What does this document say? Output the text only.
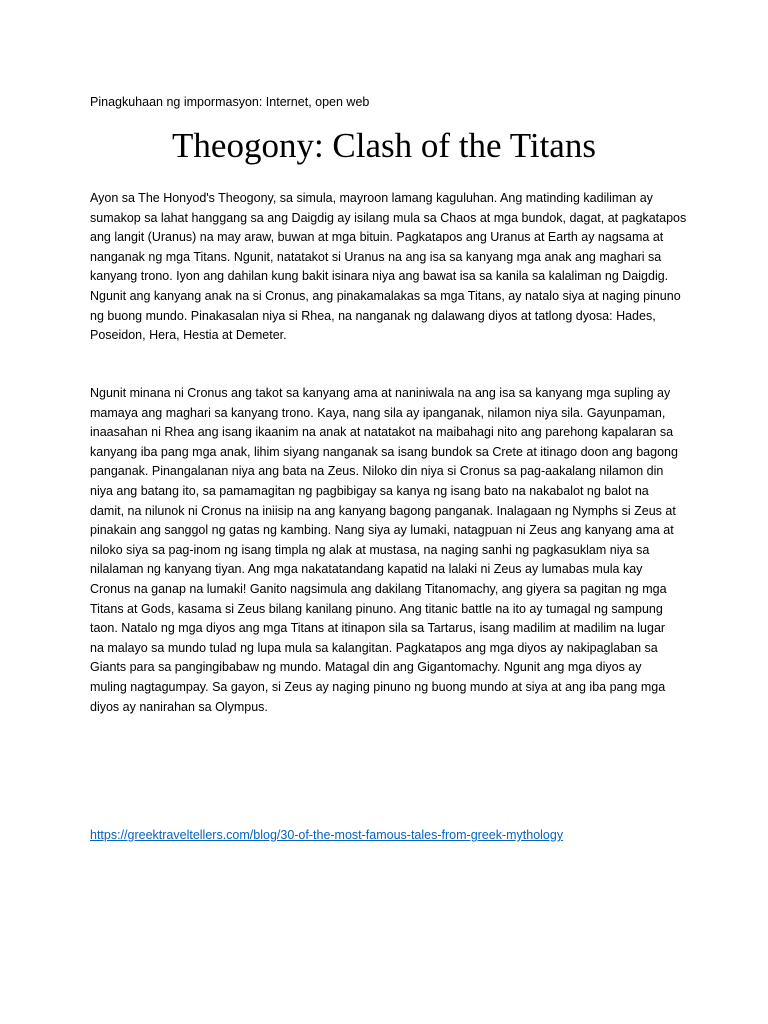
Pinagkuhaan ng impormasyon: Internet, open web
Theogony: Clash of the Titans

Ayon sa The Honyod's Theogony, sa simula, mayroon lamang kaguluhan. Ang matinding kadiliman ay
sumakop sa lahat hanggang sa ang Daigdig ay isilang mula sa Chaos at mga bundok, dagat, at pagkatapos
ang langit (Uranus) na may araw, buwan at mga bituin. Pagkatapos ang Uranus at Earth ay nagsama at
nanganak ng mga Titans. Ngunit, natatakot si Uranus na ang isa sa kanyang mga anak ang maghari sa
kanyang trono. Iyon ang dahilan kung bakit isinara niya ang bawat isa sa kanila sa kalaliman ng Daigdig.
Ngunit ang kanyang anak na si Cronus, ang pinakamalakas sa mga Titans, ay natalo siya at naging pinuno
ng buong mundo. Pinakasalan niya si Rhea, na nanganak ng dalawang diyos at tatlong dyosa: Hades,
Poseidon, Hera, Hestia at Demeter.

Ngunit minana ni Cronus ang takot sa kanyang ama at naniniwala na ang isa sa kanyang mga supling ay
mamaya ang maghari sa kanyang trono. Kaya, nang sila ay ipanganak, nilamon niya sila. Gayunpaman,
inaasahan ni Rhea ang isang ikaanim na anak at natatakot na maibahagi nito ang parehong kapalaran sa
kanyang iba pang mga anak, lihim siyang nanganak sa isang bundok sa Crete at itinago doon ang bagong
panganak. Pinangalanan niya ang bata na Zeus. Niloko din niya si Cronus sa pag-aakalang nilamon din
niya ang batang ito, sa pamamagitan ng pagbibigay sa kanya ng isang bato na nakabalot ng balot na
damit, na nilunok ni Cronus na iniisip na ang kanyang bagong panganak. Inalagaan ng Nymphs si Zeus at
pinakain ang sanggol ng gatas ng kambing. Nang siya ay lumaki, natagpuan ni Zeus ang kanyang ama at
niloko siya sa pag-inom ng isang timpla ng alak at mustasa, na naging sanhi ng pagkasuklam niya sa
nilalaman ng kanyang tiyan. Ang mga nakatatandang kapatid na lalaki ni Zeus ay lumabas mula kay
Cronus na ganap na lumaki! Ganito nagsimula ang dakilang Titanomachy, ang giyera sa pagitan ng mga
Titans at Gods, kasama si Zeus bilang kanilang pinuno. Ang titanic battle na ito ay tumagal ng sampung
taon. Natalo ng mga diyos ang mga Titans at itinapon sila sa Tartarus, isang madilim at madilim na lugar
na malayo sa mundo tulad ng lupa mula sa kalangitan. Pagkatapos ang mga diyos ay nakipaglaban sa
Giants para sa pangingibabaw ng mundo. Matagal din ang Gigantomachy. Ngunit ang mga diyos ay
muling nagtagumpay. Sa gayon, si Zeus ay naging pinuno ng buong mundo at siya at ang iba pang mga
diyos ay nanirahan sa Olympus.

https://greektraveltellers.com/blog/30-of-the-most-famous-tales-from-greek-mythology
